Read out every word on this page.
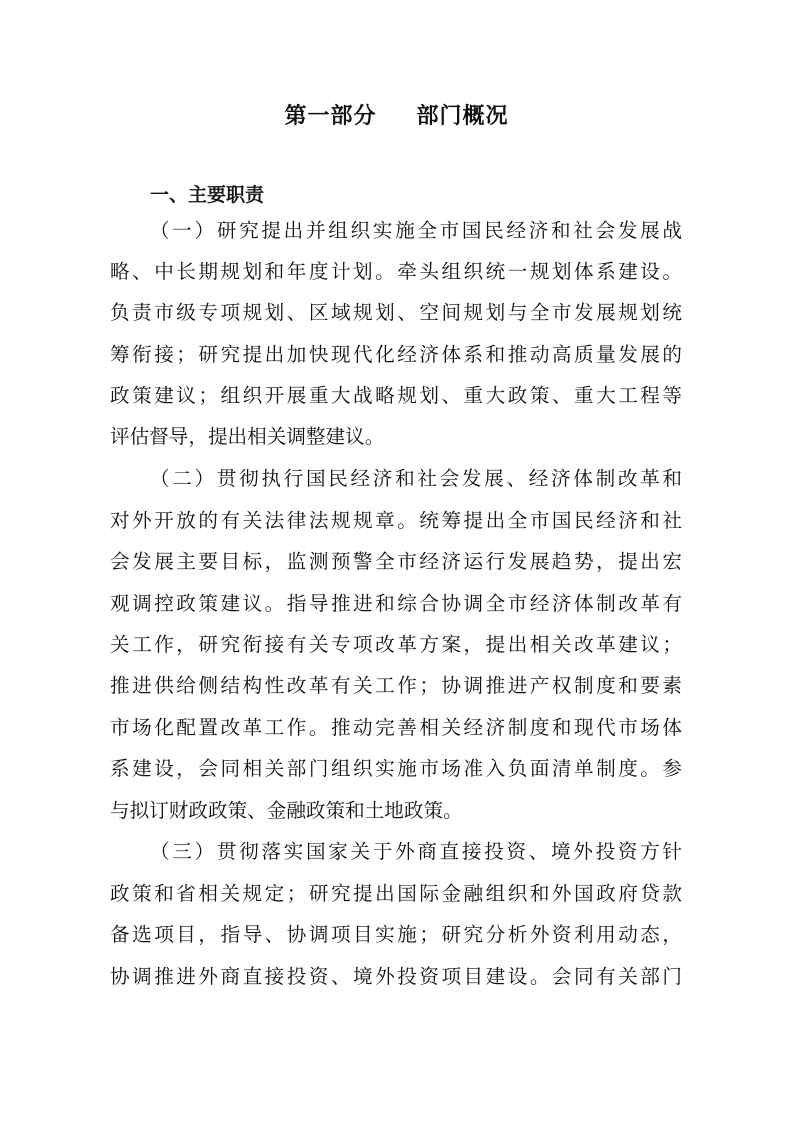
第一部分 部门概况
一、主要职责
（一）研究提出并组织实施全市国民经济和社会发展战
略、中长期规划和年度计划。牵头组织统一规划体系建设。
负责市级专项规划、区域规划、空间规划与全市发展规划统
筹衔接；研究提出加快现代化经济体系和推动高质量发展的
政策建议；组织开展重大战略规划、重大政策、重大工程等
评估督导，提出相关调整建议。
（二）贯彻执行国民经济和社会发展、经济体制改革和
对外开放的有关法律法规规章。统筹提出全市国民经济和社
会发展主要目标，监测预警全市经济运行发展趋势，提出宏
观调控政策建议。指导推进和综合协调全市经济体制改革有
关工作，研究衔接有关专项改革方案，提出相关改革建议；
推进供给侧结构性改革有关工作；协调推进产权制度和要素
市场化配置改革工作。推动完善相关经济制度和现代市场体
系建设，会同相关部门组织实施市场准入负面清单制度。参
与拟订财政政策、金融政策和土地政策。
（三）贯彻落实国家关于外商直接投资、境外投资方针
政策和省相关规定；研究提出国际金融组织和外国政府贷款
备选项目，指导、协调项目实施；研究分析外资利用动态，
协调推进外商直接投资、境外投资项目建设。会同有关部门
